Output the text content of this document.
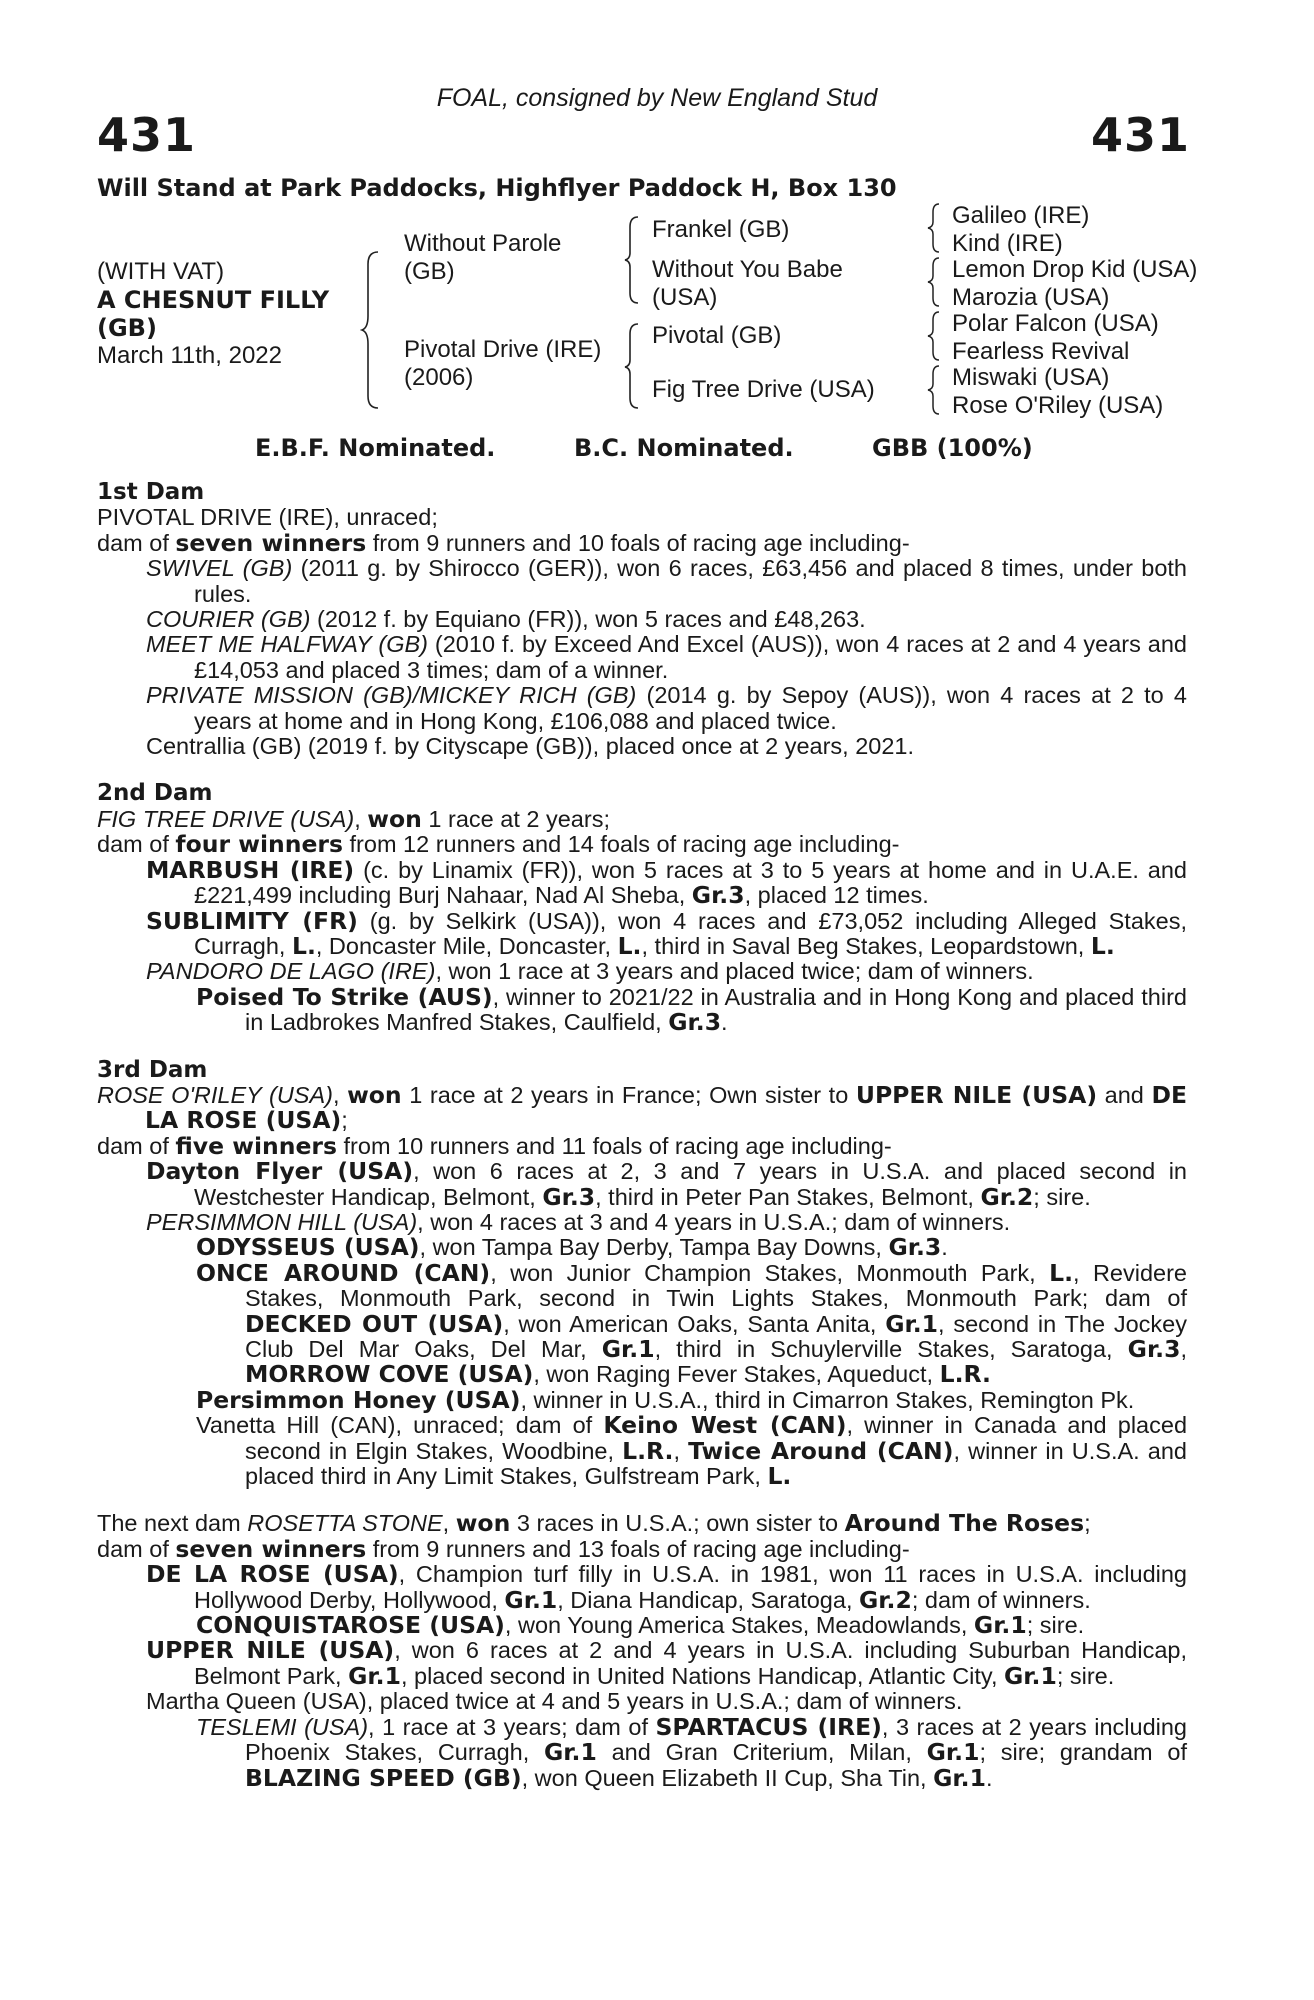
FOAL, consigned by New England Stud
431	431
Will Stand at Park Paddocks, Highflyer Paddock H, Box 130
(WITH VAT)
A CHESNUT FILLY
(GB)
March 11th, 2022
Without Parole
(GB)
Pivotal Drive (IRE)
(2006)
Frankel (GB)
Without You Babe
(USA)
Pivotal (GB)
Fig Tree Drive (USA)
Galileo (IRE)
Kind (IRE)
Lemon Drop Kid (USA)
Marozia (USA)
Polar Falcon (USA)
Fearless Revival
Miswaki (USA)
Rose O'Riley (USA)
E.B.F. Nominated.	B.C. Nominated.	GBB (100%)

1st Dam

PIVOTAL DRIVE (IRE), unraced;

dam of seven winners from 9 runners and 10 foals of racing age including-

SWIVEL (GB) (2011 g. by Shirocco (GER)), won 6 races, £63,456 and placed 8 times, under both rules.

COURIER (GB) (2012 f. by Equiano (FR)), won 5 races and £48,263.

MEET ME HALFWAY (GB) (2010 f. by Exceed And Excel (AUS)), won 4 races at 2 and 4 years and £14,053 and placed 3 times; dam of a winner.

PRIVATE MISSION (GB)/MICKEY RICH (GB) (2014 g. by Sepoy (AUS)), won 4 races at 2 to 4 years at home and in Hong Kong, £106,088 and placed twice.

Centrallia (GB) (2019 f. by Cityscape (GB)), placed once at 2 years, 2021.

2nd Dam

FIG TREE DRIVE (USA), won 1 race at 2 years;

dam of four winners from 12 runners and 14 foals of racing age including-

MARBUSH (IRE) (c. by Linamix (FR)), won 5 races at 3 to 5 years at home and in U.A.E. and £221,499 including Burj Nahaar, Nad Al Sheba, Gr.3, placed 12 times.

SUBLIMITY (FR) (g. by Selkirk (USA)), won 4 races and £73,052 including Alleged Stakes, Curragh, L., Doncaster Mile, Doncaster, L., third in Saval Beg Stakes, Leopardstown, L.

PANDORO DE LAGO (IRE), won 1 race at 3 years and placed twice; dam of winners.

Poised To Strike (AUS), winner to 2021/22 in Australia and in Hong Kong and placed third in Ladbrokes Manfred Stakes, Caulfield, Gr.3.

3rd Dam

ROSE O'RILEY (USA), won 1 race at 2 years in France; Own sister to UPPER NILE (USA) and DE LA ROSE (USA);

dam of five winners from 10 runners and 11 foals of racing age including-

Dayton Flyer (USA), won 6 races at 2, 3 and 7 years in U.S.A. and placed second in Westchester Handicap, Belmont, Gr.3, third in Peter Pan Stakes, Belmont, Gr.2; sire.

PERSIMMON HILL (USA), won 4 races at 3 and 4 years in U.S.A.; dam of winners.

ODYSSEUS (USA), won Tampa Bay Derby, Tampa Bay Downs, Gr.3.

ONCE AROUND (CAN), won Junior Champion Stakes, Monmouth Park, L., Revidere Stakes, Monmouth Park, second in Twin Lights Stakes, Monmouth Park; dam of DECKED OUT (USA), won American Oaks, Santa Anita, Gr.1, second in The Jockey Club Del Mar Oaks, Del Mar, Gr.1, third in Schuylerville Stakes, Saratoga, Gr.3, MORROW COVE (USA), won Raging Fever Stakes, Aqueduct, L.R.

Persimmon Honey (USA), winner in U.S.A., third in Cimarron Stakes, Remington Pk.

Vanetta Hill (CAN), unraced; dam of Keino West (CAN), winner in Canada and placed second in Elgin Stakes, Woodbine, L.R., Twice Around (CAN), winner in U.S.A. and placed third in Any Limit Stakes, Gulfstream Park, L.

The next dam ROSETTA STONE, won 3 races in U.S.A.; own sister to Around The Roses;

dam of seven winners from 9 runners and 13 foals of racing age including-

DE LA ROSE (USA), Champion turf filly in U.S.A. in 1981, won 11 races in U.S.A. including Hollywood Derby, Hollywood, Gr.1, Diana Handicap, Saratoga, Gr.2; dam of winners.

CONQUISTAROSE (USA), won Young America Stakes, Meadowlands, Gr.1; sire.

UPPER NILE (USA), won 6 races at 2 and 4 years in U.S.A. including Suburban Handicap, Belmont Park, Gr.1, placed second in United Nations Handicap, Atlantic City, Gr.1; sire.

Martha Queen (USA), placed twice at 4 and 5 years in U.S.A.; dam of winners.

TESLEMI (USA), 1 race at 3 years; dam of SPARTACUS (IRE), 3 races at 2 years including Phoenix Stakes, Curragh, Gr.1 and Gran Criterium, Milan, Gr.1; sire; grandam of BLAZING SPEED (GB), won Queen Elizabeth II Cup, Sha Tin, Gr.1.
